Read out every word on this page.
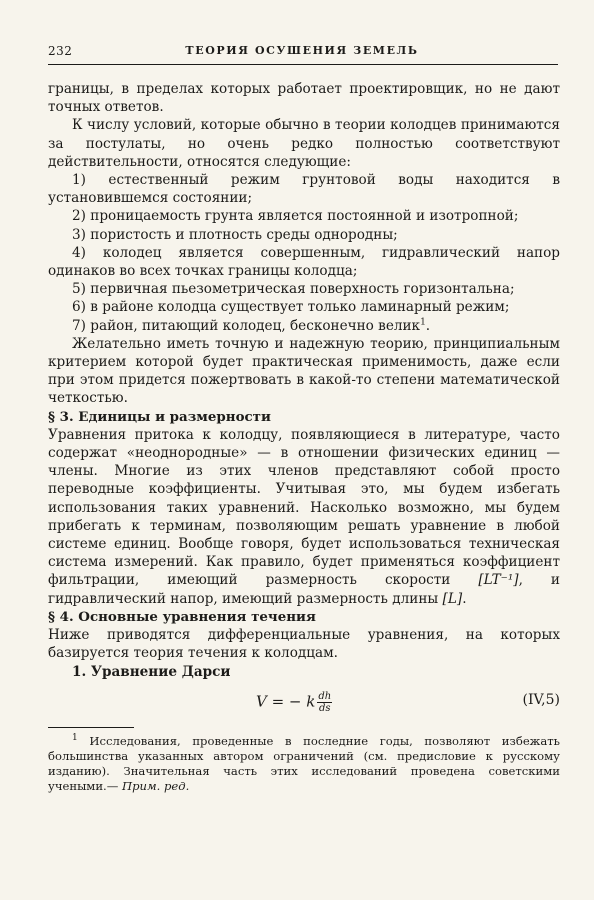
232	ТЕОРИЯ ОСУШЕНИЯ ЗЕМЕЛЬ

границы, в пределах которых работает проектировщик, но не дают точных ответов.

К числу условий, которые обычно в теории колодцев принимаются за постулаты, но очень редко полностью соответствуют действительности, относятся следующие:

1) естественный режим грунтовой воды находится в установившемся состоянии;

2) проницаемость грунта является постоянной и изотропной;

3) пористость и плотность среды однородны;

4) колодец является совершенным, гидравлический напор одинаков во всех точках границы колодца;

5) первичная пьезометрическая поверхность горизонтальна;

6) в районе колодца существует только ламинарный режим;

7) район, питающий колодец, бесконечно велик$^1$.

Желательно иметь точную и надежную теорию, принципиальным критерием которой будет практическая применимость, даже если при этом придется пожертвовать в какой-то степени математической четкостью.

§ 3. Единицы и размерности

Уравнения притока к колодцу, появляющиеся в литературе, часто содержат «неоднородные» — в отношении физических единиц — члены. Многие из этих членов представляют собой просто переводные коэффициенты. Учитывая это, мы будем избегать использования таких уравнений. Насколько возможно, мы будем прибегать к терминам, позволяющим решать уравнение в любой системе единиц. Вообще говоря, будет использоваться техническая система измерений. Как правило, будет применяться коэффициент фильтрации, имеющий размерность скорости [LT⁻¹], и гидравлический напор, имеющий размерность длины [L].

§ 4. Основные уравнения течения

Ниже приводятся дифференциальные уравнения, на которых базируется теория течения к колодцам.

1. Уравнение Дарси

V = − k $\frac{dh}{ds}$	(IV,5)

$^1$ Исследования, проведенные в последние годы, позволяют избежать большинства указанных автором ограничений (см. предисловие к русскому изданию). Значительная часть этих исследований проведена советскими учеными.— Прим. ред.
